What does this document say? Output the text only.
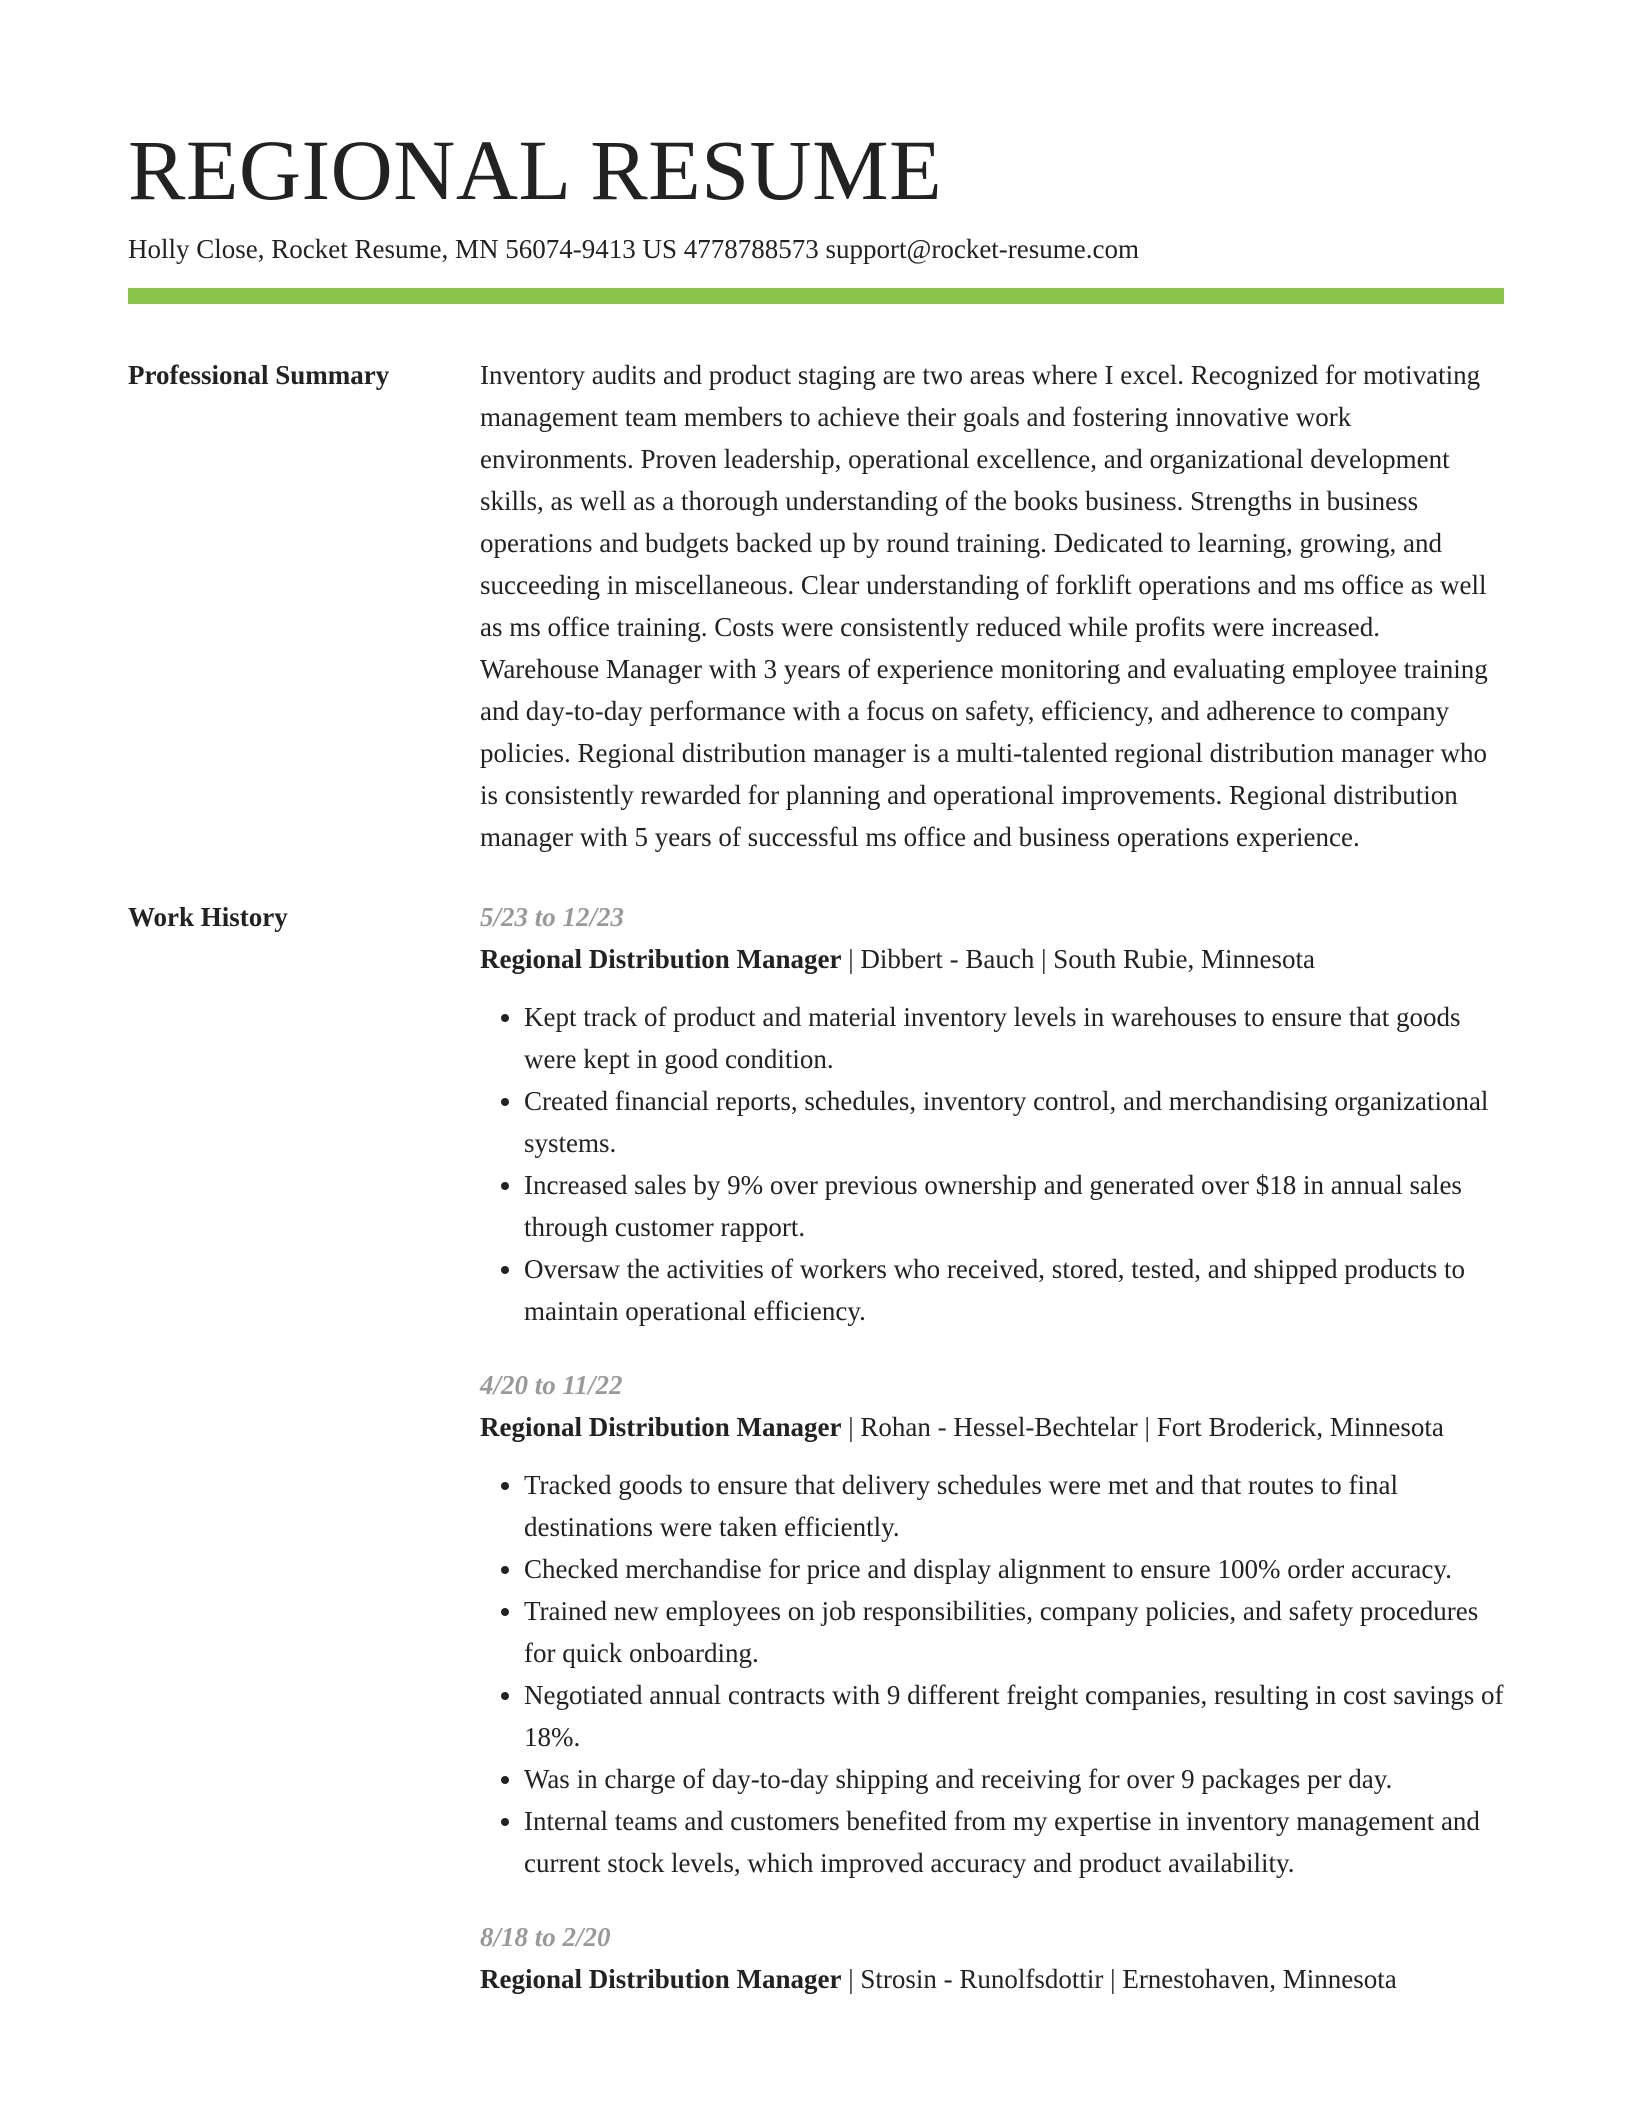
REGIONAL RESUME
Holly Close, Rocket Resume, MN 56074-9413 US 4778788573 support@rocket-resume.com
Professional Summary	Inventory audits and product staging are two areas where I excel. Recognized for motivating management team members to achieve their goals and fostering innovative work environments. Proven leadership, operational excellence, and organizational development skills, as well as a thorough understanding of the books business. Strengths in business operations and budgets backed up by round training. Dedicated to learning, growing, and succeeding in miscellaneous. Clear understanding of forklift operations and ms office as well as ms office training. Costs were consistently reduced while profits were increased. Warehouse Manager with 3 years of experience monitoring and evaluating employee training and day-to-day performance with a focus on safety, efficiency, and adherence to company policies. Regional distribution manager is a multi-talented regional distribution manager who is consistently rewarded for planning and operational improvements. Regional distribution manager with 5 years of successful ms office and business operations experience.

Work History	5/23 to 12/23
Regional Distribution Manager | Dibbert - Bauch | South Rubie, Minnesota
• Kept track of product and material inventory levels in warehouses to ensure that goods were kept in good condition.
• Created financial reports, schedules, inventory control, and merchandising organizational systems.
• Increased sales by 9% over previous ownership and generated over $18 in annual sales through customer rapport.
• Oversaw the activities of workers who received, stored, tested, and shipped products to maintain operational efficiency.
4/20 to 11/22
Regional Distribution Manager | Rohan - Hessel-Bechtelar | Fort Broderick, Minnesota
• Tracked goods to ensure that delivery schedules were met and that routes to final destinations were taken efficiently.
• Checked merchandise for price and display alignment to ensure 100% order accuracy.
• Trained new employees on job responsibilities, company policies, and safety procedures for quick onboarding.
• Negotiated annual contracts with 9 different freight companies, resulting in cost savings of 18%.
• Was in charge of day-to-day shipping and receiving for over 9 packages per day.
• Internal teams and customers benefited from my expertise in inventory management and current stock levels, which improved accuracy and product availability.
8/18 to 2/20
Regional Distribution Manager | Strosin - Runolfsdottir | Ernestohaven, Minnesota
